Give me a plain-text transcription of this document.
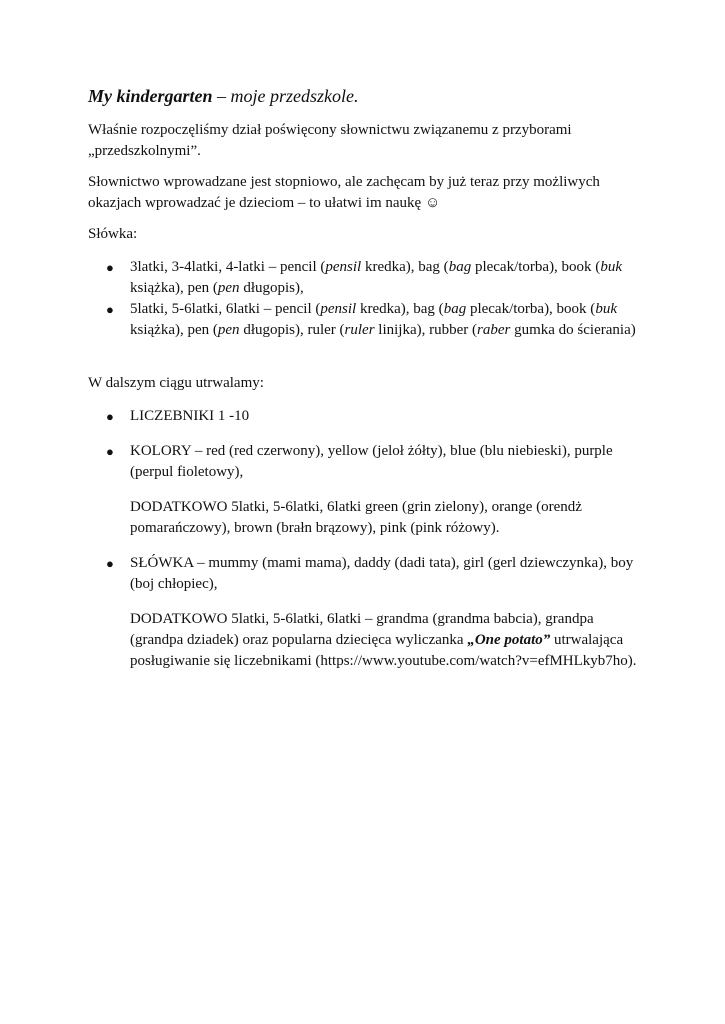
My kindergarten – moje przedszkole.

Właśnie rozpoczęliśmy dział poświęcony słownictwu związanemu z przyborami „przedszkolnymi”.

Słownictwo wprowadzane jest stopniowo, ale zachęcam by już teraz przy możliwych okazjach wprowadzać je dzieciom – to ułatwi im naukę ☺

Słówka:

● 3latki, 3-4latki, 4-latki – pencil (pensil kredka), bag (bag plecak/torba), book (buk książka), pen (pen długopis),
● 5latki, 5-6latki, 6latki – pencil (pensil kredka), bag (bag plecak/torba), book (buk książka), pen (pen długopis), ruler (ruler linijka), rubber (raber gumka do ścierania)

W dalszym ciągu utrwalamy:

● LICZEBNIKI 1 -10
● KOLORY – red (red czerwony), yellow (jeloł żółty), blue (blu niebieski), purple (perpul fioletowy),

DODATKOWO 5latki, 5-6latki, 6latki green (grin zielony), orange (orendż pomarańczowy), brown (brałn brązowy), pink (pink różowy).

● SŁÓWKA – mummy (mami mama), daddy (dadi tata), girl (gerl dziewczynka), boy (boj chłopiec),

DODATKOWO 5latki, 5-6latki, 6latki – grandma (grandma babcia), grandpa (grandpa dziadek) oraz popularna dziecięca wyliczanka „One potato” utrwalająca posługiwanie się liczebnikami (https://www.youtube.com/watch?v=efMHLkyb7ho).
